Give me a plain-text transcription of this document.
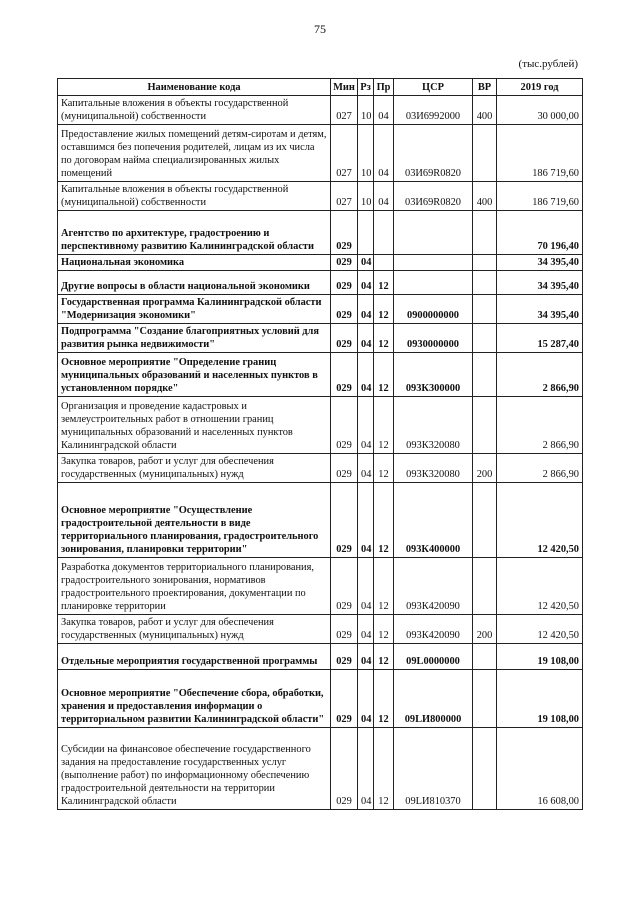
75
(тыс.рублей)
Наименование кода	Мин	Рз	Пр	ЦСР	ВР	2019 год
Капитальные вложения в объекты государственной (муниципальной) собственности	027	10	04	03И6992000	400	30 000,00
Предоставление жилых помещений детям-сиротам и детям, оставшимся без попечения родителей, лицам из их числа по договорам найма специализированных жилых помещений	027	10	04	03И69R0820		186 719,60
Капитальные вложения в объекты государственной (муниципальной) собственности	027	10	04	03И69R0820	400	186 719,60
Агентство по архитектуре, градостроению и перспективному развитию Калининградской области	029					70 196,40
Национальная экономика	029	04				34 395,40
Другие вопросы в области национальной экономики	029	04	12			34 395,40
Государственная программа Калининградской области "Модернизация экономики"	029	04	12	0900000000		34 395,40
Подпрограмма "Создание благоприятных условий для развития рынка недвижимости"	029	04	12	0930000000		15 287,40
Основное мероприятие "Определение границ муниципальных образований и населенных пунктов в установленном порядке"	029	04	12	093К300000		2 866,90
Организация и проведение кадастровых и землеустроительных работ в отношении границ муниципальных образований и населенных пунктов Калининградской области	029	04	12	093К320080		2 866,90
Закупка товаров, работ и услуг для обеспечения государственных (муниципальных) нужд	029	04	12	093К320080	200	2 866,90
Основное мероприятие "Осуществление градостроительной деятельности в виде территориального планирования, градостроительного зонирования, планировки территории"	029	04	12	093К400000		12 420,50
Разработка документов территориального планирования, градостроительного зонирования, нормативов градостроительного проектирования, документации по планировке территории	029	04	12	093К420090		12 420,50
Закупка товаров, работ и услуг для обеспечения государственных (муниципальных) нужд	029	04	12	093К420090	200	12 420,50
Отдельные мероприятия государственной программы	029	04	12	09L0000000		19 108,00
Основное мероприятие "Обеспечение сбора, обработки, хранения и предоставления информации о территориальном развитии Калининградской области"	029	04	12	09LИ800000		19 108,00
Субсидии на финансовое обеспечение государственного задания на предоставление государственных услуг (выполнение работ) по информационному обеспечению градостроительной деятельности на территории Калининградской области	029	04	12	09LИ810370		16 608,00
